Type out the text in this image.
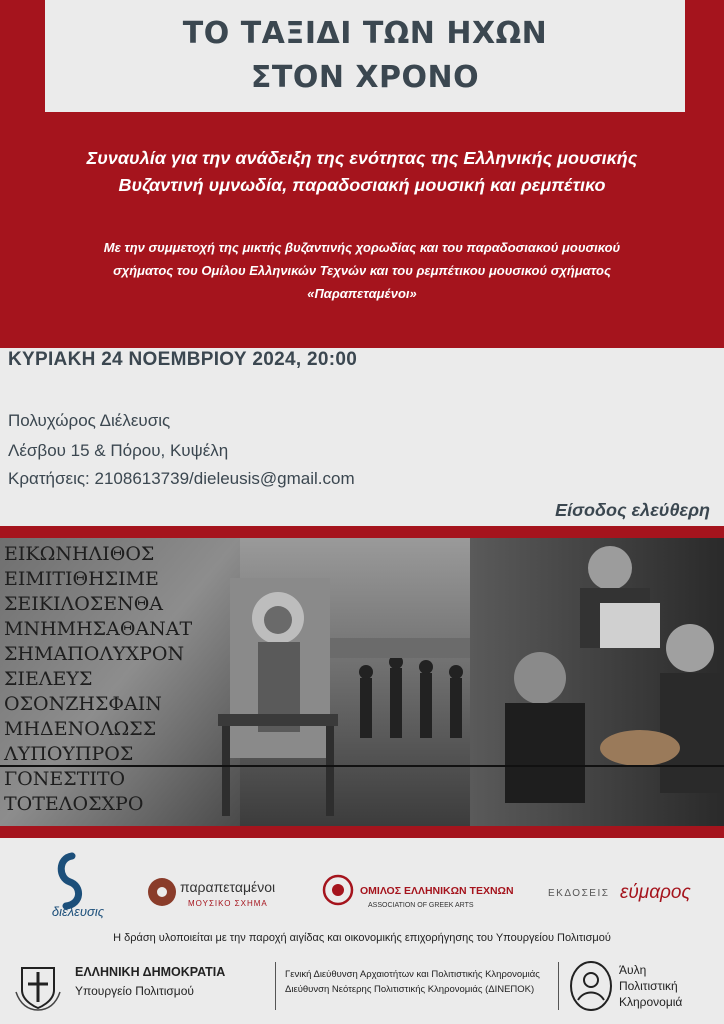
ΤΟ ΤΑΞΙΔΙ ΤΩΝ ΗΧΩΝ
ΣΤΟΝ ΧΡΟΝΟ
Συναυλία για την ανάδειξη της ενότητας της Ελληνικής μουσικής
Βυζαντινή υμνωδία, παραδοσιακή μουσική και ρεμπέτικο
Με την συμμετοχή της μικτής βυζαντινής χορωδίας και του παραδοσιακού μουσικού
σχήματος του Ομίλου Ελληνικών Τεχνών και του ρεμπέτικου μουσικού σχήματος
«Παραπεταμένοι»
ΚΥΡΙΑΚΗ 24 ΝΟΕΜΒΡΙΟΥ 2024, 20:00
Πολυχώρος Διέλευσις
Λέσβου 15 & Πόρου, Κυψέλη
Κρατήσεις: 2108613739/dieleusis@gmail.com
Είσοδος ελεύθερη
ΕΙΚΩΝΗΛΙΘΟΣ
ΕΙΜΙΤΙΘΗΣΙΜΕ
ΣΕΙΚΙΛΟΣΕΝΘΑ
ΜΝΗΜΗΣΑΘΑΝΑΤ
ΣΗΜΑΠΟΛΥΧΡΟΝ
ΣΙΕΛΕΥΣ
ΟΣΟΝΖΗΣΦΑΙΝ
ΜΗΔΕΝΟΛΩΣΣ
ΛΥΠΟΥΠΡΟΣ
ΓΟΝΕΣΤΙΤΟ
ΤΟΤΕΛΟΣΧΡΟ
διέλευσις
παραπεταμένοι
ΜΟΥΣΙΚΟ ΣΧΗΜΑ
ΟΜΙΛΟΣ ΕΛΛΗΝΙΚΩΝ ΤΕΧΝΩΝ
ASSOCIATION OF GREEK ARTS
ΕΚΔΟΣΕΙΣ εύμαρος
Η δράση υλοποιείται με την παροχή αιγίδας και οικονομικής επιχορήγησης του Υπουργείου Πολιτισμού
ΕΛΛΗΝΙΚΗ ΔΗΜΟΚΡΑΤΙΑ
Υπουργείο Πολιτισμού
Γενική Διεύθυνση Αρχαιοτήτων και Πολιτιστικής Κληρονομιάς
Διεύθυνση Νεότερης Πολιτιστικής Κληρονομιάς (ΔΙΝΕΠΟΚ)
Άυλη
Πολιτιστική
Κληρονομιά
